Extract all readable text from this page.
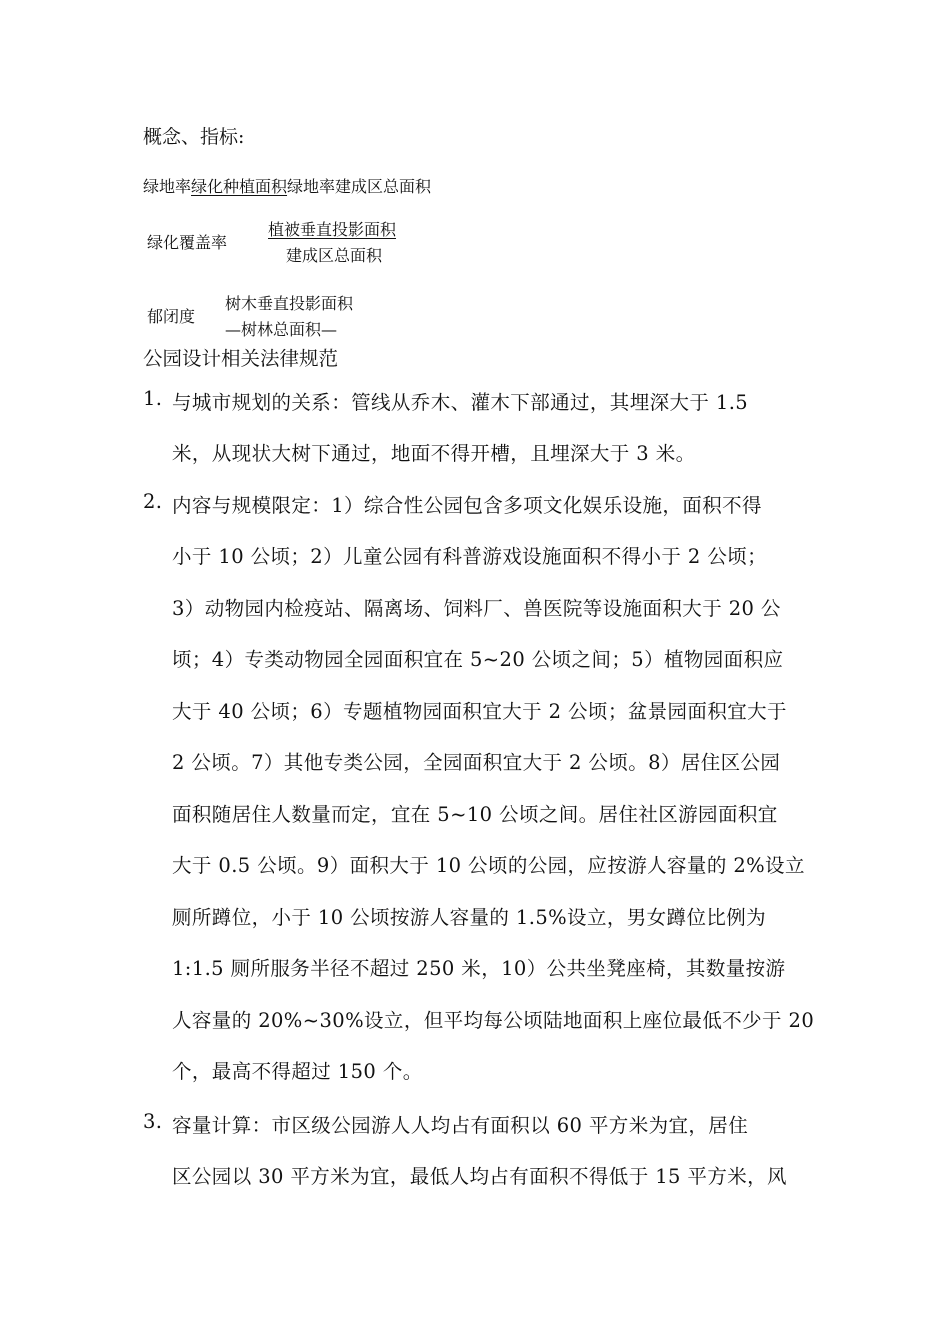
概念、指标:
绿地率绿化种植面积绿地率建成区总面积
绿化覆盖率
植被垂直投影面积
建成区总面积
郁闭度
树木垂直投影面积
—树林总面积—
公园设计相关法律规范
1. 与城市规划的关系：管线从乔木、灌木下部通过，其埋深大于 1.5
米，从现状大树下通过，地面不得开槽，且埋深大于 3 米。
2. 内容与规模限定：1）综合性公园包含多项文化娱乐设施，面积不得
小于 10 公顷；2）儿童公园有科普游戏设施面积不得小于 2 公顷；
3）动物园内检疫站、隔离场、饲料厂、兽医院等设施面积大于 20 公
顷；4）专类动物园全园面积宜在 5~20 公顷之间；5）植物园面积应
大于 40 公顷；6）专题植物园面积宜大于 2 公顷；盆景园面积宜大于
2 公顷。7）其他专类公园，全园面积宜大于 2 公顷。8）居住区公园
面积随居住人数量而定，宜在 5~10 公顷之间。居住社区游园面积宜
大于 0.5 公顷。9）面积大于 10 公顷的公园，应按游人容量的 2%设立
厕所蹲位，小于 10 公顷按游人容量的 1.5%设立，男女蹲位比例为
1:1.5 厕所服务半径不超过 250 米，10）公共坐凳座椅，其数量按游
人容量的 20%~30%设立，但平均每公顷陆地面积上座位最低不少于 20
个，最高不得超过 150 个。
3. 容量计算：市区级公园游人人均占有面积以 60 平方米为宜，居住
区公园以 30 平方米为宜，最低人均占有面积不得低于 15 平方米，风
